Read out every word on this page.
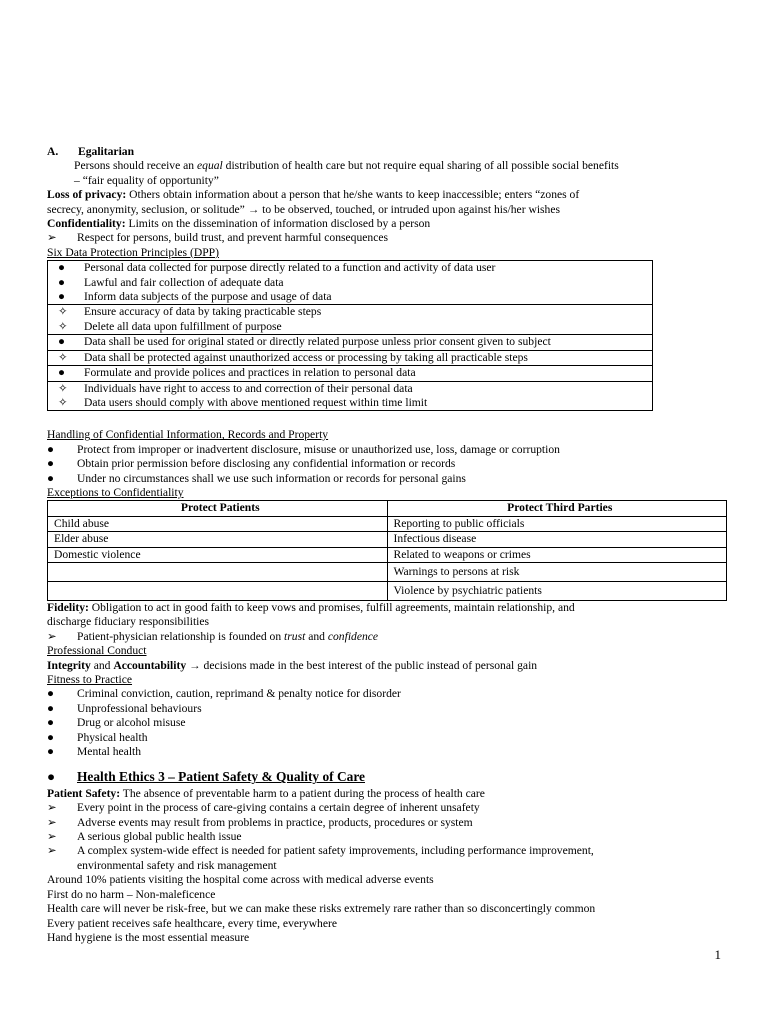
A. Egalitarian
Persons should receive an equal distribution of health care but not require equal sharing of all possible social benefits
– “fair equality of opportunity”
Loss of privacy: Others obtain information about a person that he/she wants to keep inaccessible; enters “zones of
secrecy, anonymity, seclusion, or solitude” → to be observed, touched, or intruded upon against his/her wishes
Confidentiality: Limits on the dissemination of information disclosed by a person
➢	Respect for persons, build trust, and prevent harmful consequences
Six Data Protection Principles (DPP)
● Personal data collected for purpose directly related to a function and activity of data user
● Lawful and fair collection of adequate data
● Inform data subjects of the purpose and usage of data
✧ Ensure accuracy of data by taking practicable steps
✧ Delete all data upon fulfillment of purpose
● Data shall be used for original stated or directly related purpose unless prior consent given to subject
✧ Data shall be protected against unauthorized access or processing by taking all practicable steps
● Formulate and provide polices and practices in relation to personal data
✧ Individuals have right to access to and correction of their personal data
✧ Data users should comply with above mentioned request within time limit
Handling of Confidential Information, Records and Property
●	Protect from improper or inadvertent disclosure, misuse or unauthorized use, loss, damage or corruption
●	Obtain prior permission before disclosing any confidential information or records
●	Under no circumstances shall we use such information or records for personal gains
Exceptions to Confidentiality
Protect Patients	Protect Third Parties
Child abuse	Reporting to public officials
Elder abuse	Infectious disease
Domestic violence	Related to weapons or crimes
	Warnings to persons at risk
	Violence by psychiatric patients
Fidelity: Obligation to act in good faith to keep vows and promises, fulfill agreements, maintain relationship, and
discharge fiduciary responsibilities
➢	Patient-physician relationship is founded on trust and confidence
Professional Conduct
Integrity and Accountability → decisions made in the best interest of the public instead of personal gain
Fitness to Practice
●	Criminal conviction, caution, reprimand & penalty notice for disorder
●	Unprofessional behaviours
●	Drug or alcohol misuse
●	Physical health
●	Mental health
●	Health Ethics 3 – Patient Safety & Quality of Care
Patient Safety: The absence of preventable harm to a patient during the process of health care
➢	Every point in the process of care-giving contains a certain degree of inherent unsafety
➢	Adverse events may result from problems in practice, products, procedures or system
➢	A serious global public health issue
➢	A complex system-wide effect is needed for patient safety improvements, including performance improvement,
environmental safety and risk management
Around 10% patients visiting the hospital come across with medical adverse events
First do no harm – Non-maleficence
Health care will never be risk-free, but we can make these risks extremely rare rather than so disconcertingly common
Every patient receives safe healthcare, every time, everywhere
Hand hygiene is the most essential measure
1
